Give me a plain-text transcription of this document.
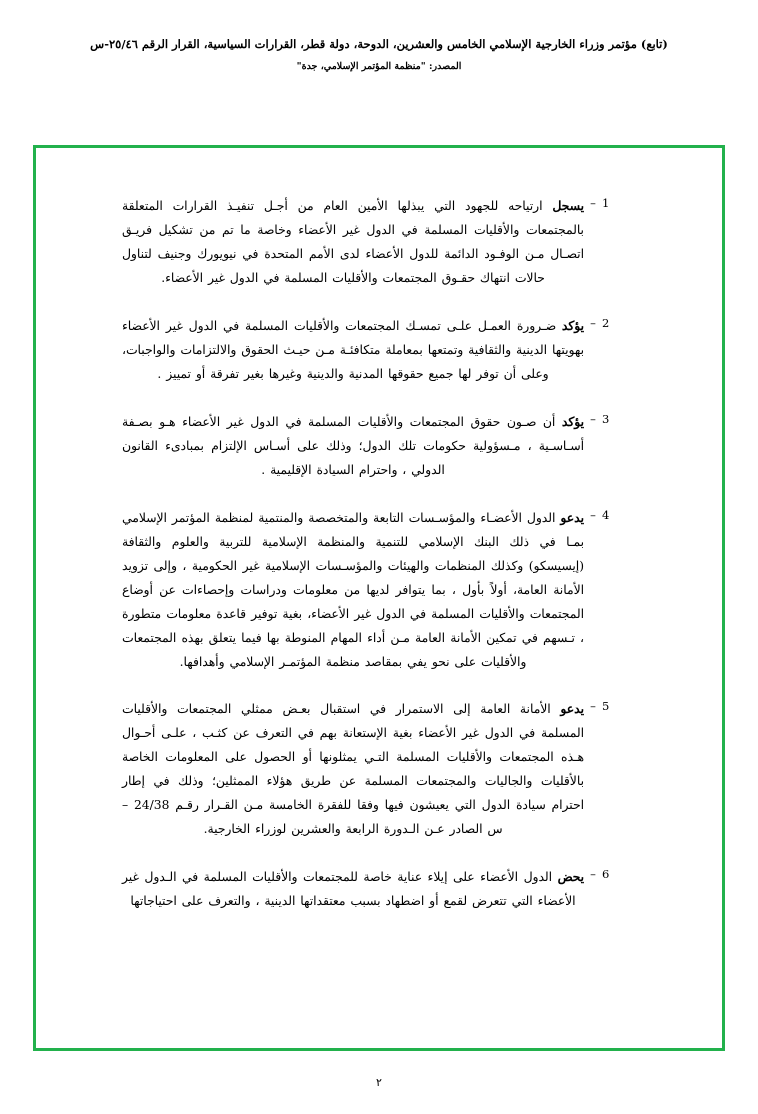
(تابع) مؤتمر وزراء الخارجية الإسلامي الخامس والعشرين، الدوحة، دولة قطر، القرارات السياسية، القرار الرقم ٢٥/٤٦-س
المصدر: "منظمة المؤتمر الإسلامي، جدة"
1
–
يسجل ارتياحه للجهود التي يبذلها الأمين العام من أجـل تنفيـذ القرارات المتعلقة بالمجتمعات والأقليات المسلمة في الدول غير الأعضاء وخاصة ما تم من تشكيل فريـق اتصـال مـن الوفـود الدائمة للدول الأعضاء لدى الأمم المتحدة في نيويورك وجنيف لتناول حالات انتهاك حقـوق المجتمعات والأقليات المسلمة في الدول غير الأعضاء.
2
–
يؤكد ضـرورة العمـل علـى تمسـك المجتمعات والأقليات المسلمة في الدول غير الأعضاء بهويتها الدينية والثقافية وتمتعها بمعاملة متكافئـة مـن حيـث الحقوق والالتزامات والواجبات، وعلى أن توفر لها جميع حقوقها المدنية والدينية وغيرها بغير تفرقة أو تمييز .
3
–
يؤكد أن صـون حقوق المجتمعات والأقليات المسلمة في الدول غير الأعضاء هـو بصـفة أسـاسـية ، مـسؤولية حكومات تلك الدول؛ وذلك على أسـاس الإلتزام بمبادىء القانون الدولي ، واحترام السيادة الإقليمية .
4
–
يدعو الدول الأعضـاء والمؤسـسات التابعة والمتخصصة والمنتمية لمنظمة المؤتمر الإسلامي بمـا في ذلك البنك الإسلامي للتنمية والمنظمة الإسلامية للتربية والعلوم والثقافة (إيسيسكو) وكذلك المنظمات والهيئات والمؤسـسات الإسلامية غير الحكومية ، وإلى تزويد الأمانة العامة، أولاً بأول ، بما يتوافر لديها من معلومات ودراسات وإحصاءات عن أوضاع المجتمعات والأقليات المسلمة في الدول غير الأعضاء، بغية توفير قاعدة معلومات متطورة ، تـسهم في تمكين الأمانة العامة مـن أداء المهام المنوطة بها فيما يتعلق بهذه المجتمعات والأقليات على نحو يفي بمقاصد منظمة المؤتمـر الإسلامي وأهدافها.
5
–
يدعو الأمانة العامة إلى الاستمرار في استقبال بعـض ممثلي المجتمعات والأقليات المسلمة في الدول غير الأعضاء بغية الإستعانة بهم في التعرف عن كثـب ، علـى أحـوال هـذه المجتمعات والأقليات المسلمة التـي يمثلونها أو الحصول على المعلومات الخاصة بالأقليات والجاليات والمجتمعات المسلمة عن طريق هؤلاء الممثلين؛ وذلك في إطار احترام سيادة الدول التي يعيشون فيها وفقا للفقرة الخامسة مـن القـرار رقـم 24/38 – س الصادر عـن الـدورة الرابعة والعشرين لوزراء الخارجية.
6
–
يحض الدول الأعضاء على إيلاء عناية خاصة للمجتمعات والأقليات المسلمة في الـدول غير الأعضاء التي تتعرض لقمع أو اضطهاد بسبب معتقداتها الدينية ، والتعرف على احتياجاتها
٢
